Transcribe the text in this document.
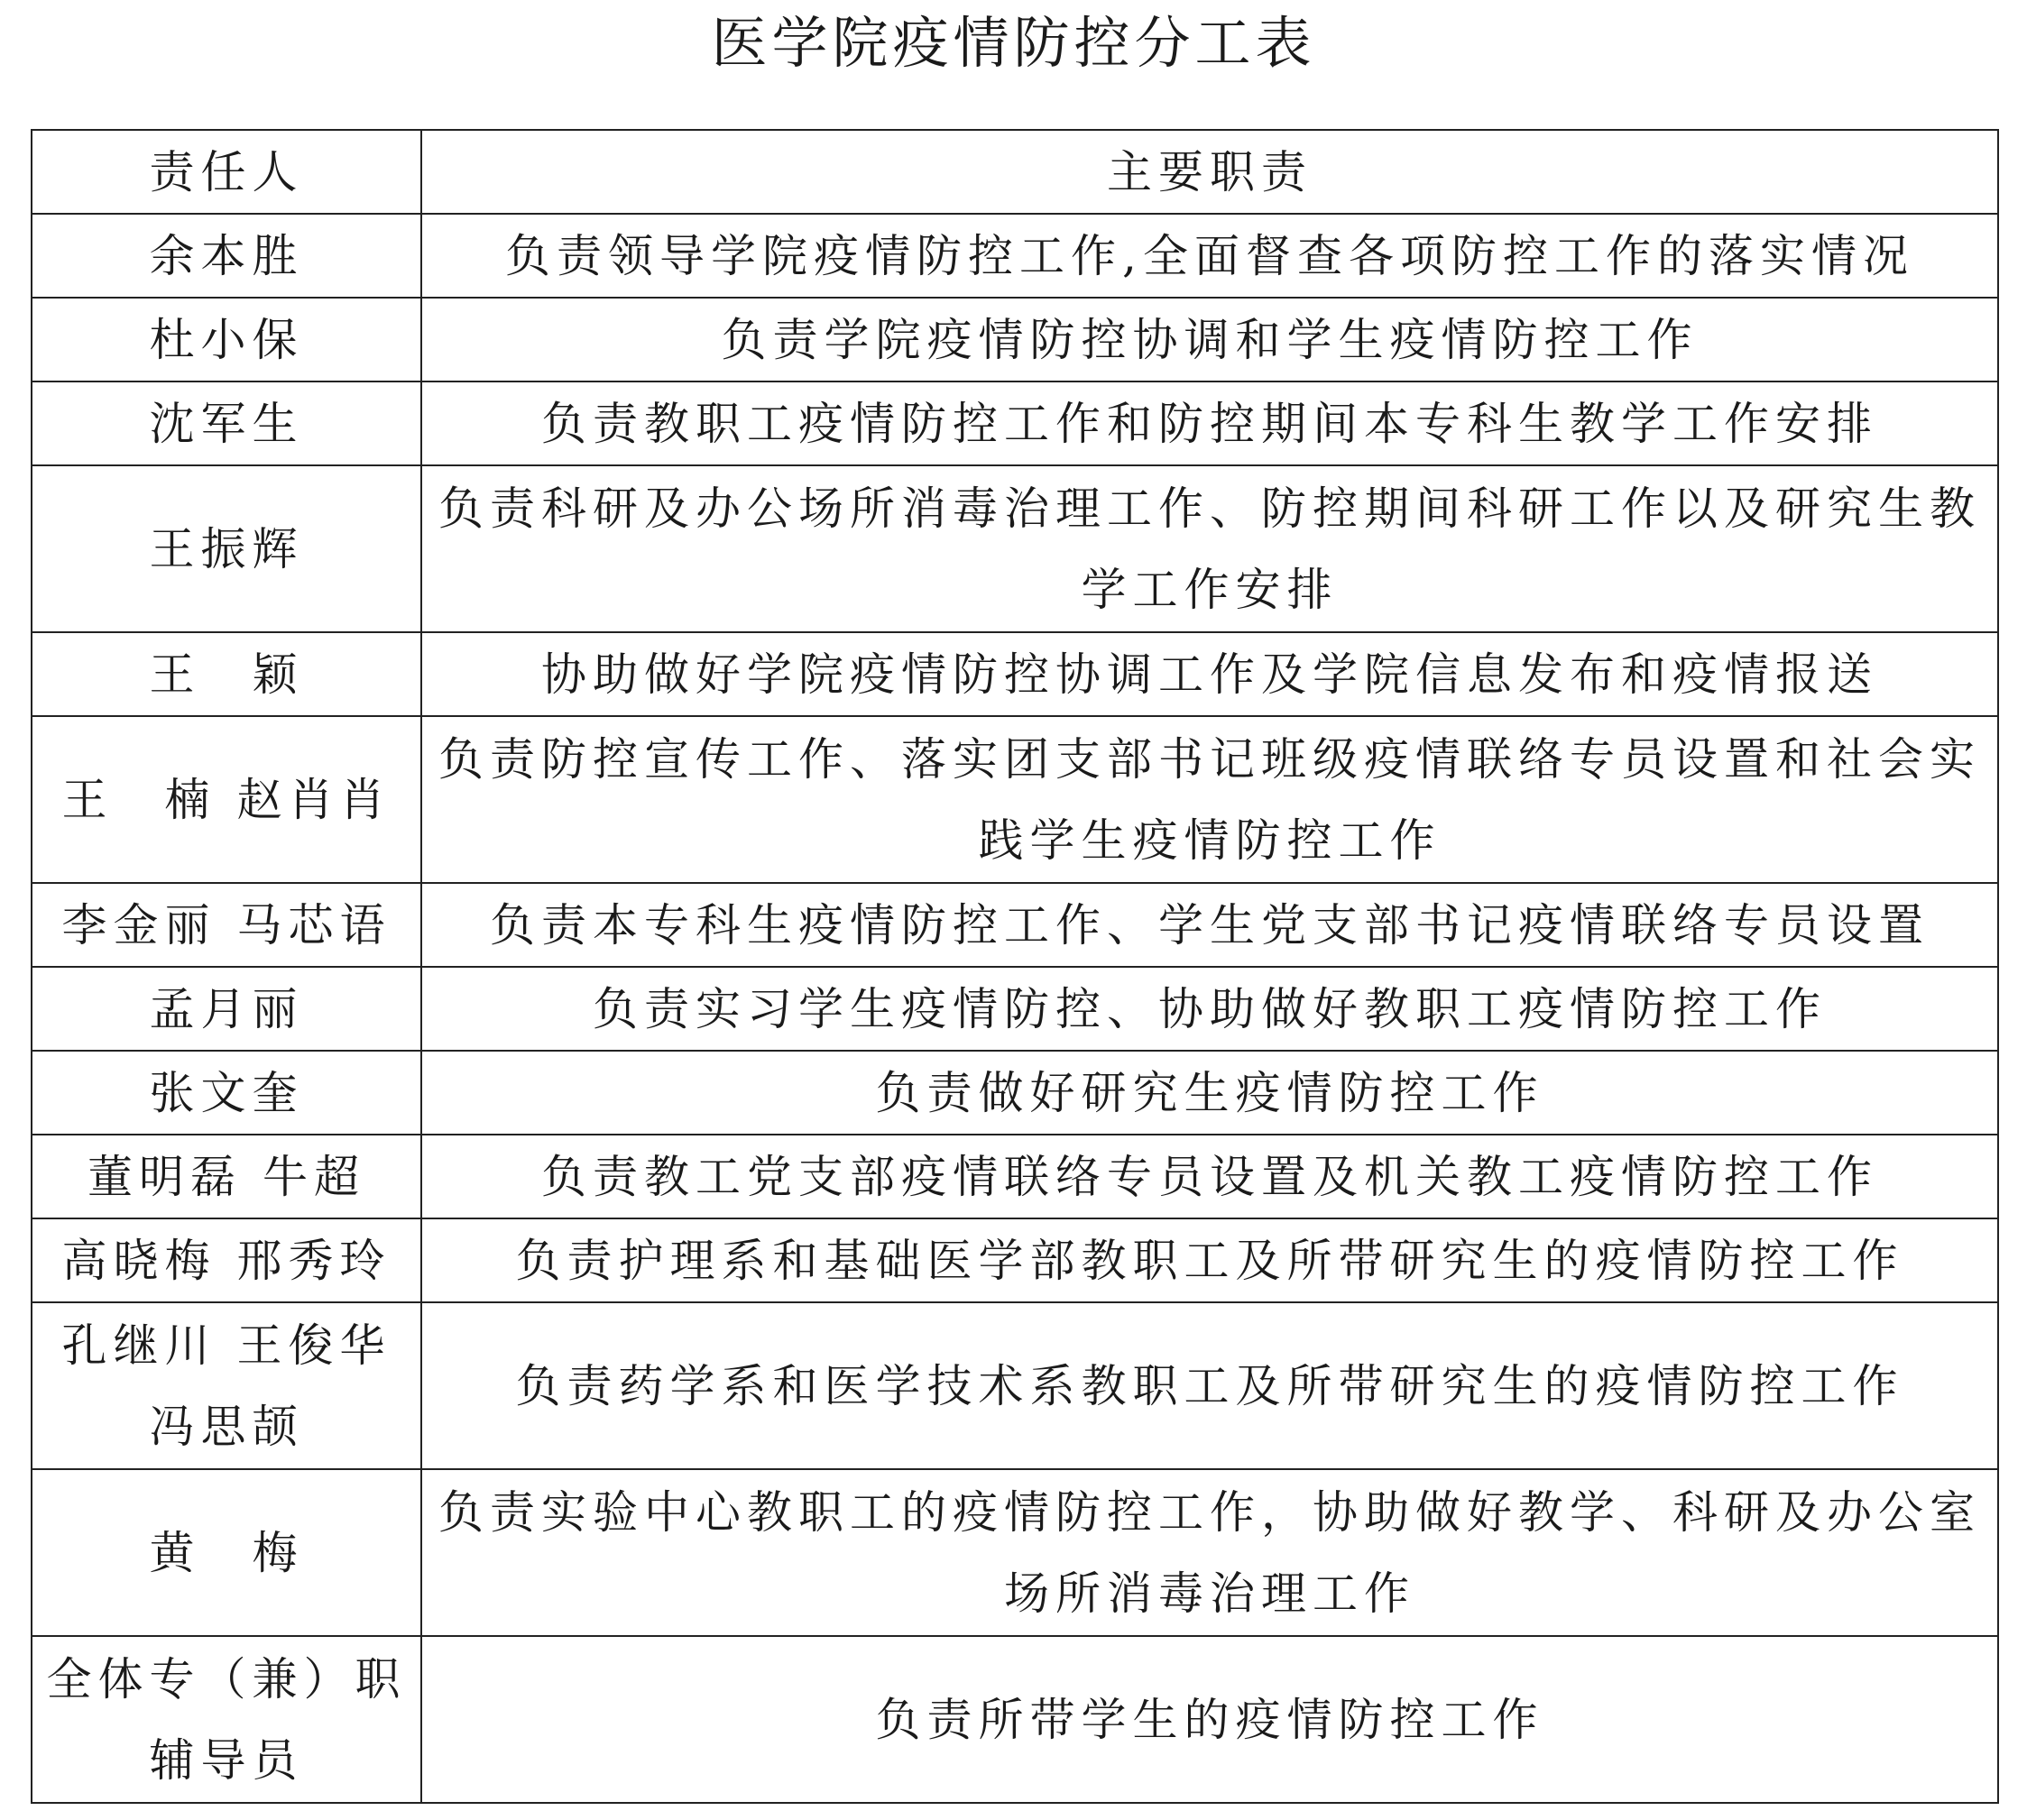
医学院疫情防控分工表
责任人	主要职责
余本胜	负责领导学院疫情防控工作,全面督查各项防控工作的落实情况
杜小保	负责学院疫情防控协调和学生疫情防控工作
沈军生	负责教职工疫情防控工作和防控期间本专科生教学工作安排
王振辉	负责科研及办公场所消毒治理工作、防控期间科研工作以及研究生教学工作安排
王　颖	协助做好学院疫情防控协调工作及学院信息发布和疫情报送
王　楠 赵肖肖	负责防控宣传工作、落实团支部书记班级疫情联络专员设置和社会实践学生疫情防控工作
李金丽 马芯语	负责本专科生疫情防控工作、学生党支部书记疫情联络专员设置
孟月丽	负责实习学生疫情防控、协助做好教职工疫情防控工作
张文奎	负责做好研究生疫情防控工作
董明磊 牛超	负责教工党支部疫情联络专员设置及机关教工疫情防控工作
高晓梅 邢秀玲	负责护理系和基础医学部教职工及所带研究生的疫情防控工作
孔继川 王俊华冯思颉	负责药学系和医学技术系教职工及所带研究生的疫情防控工作
黄　梅	负责实验中心教职工的疫情防控工作，协助做好教学、科研及办公室场所消毒治理工作
全体专（兼）职辅导员	负责所带学生的疫情防控工作
